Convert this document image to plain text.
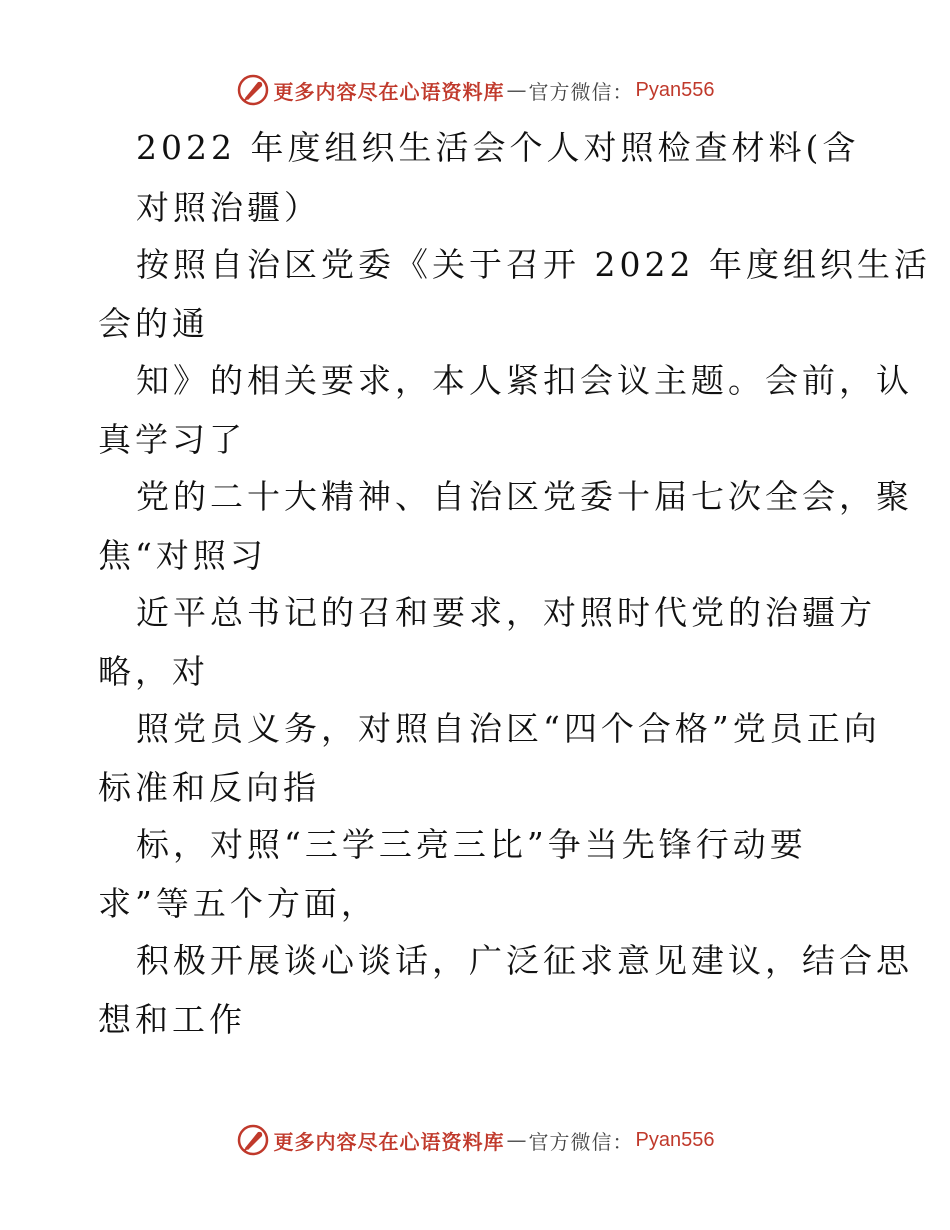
更多内容尽在心语资料库 — 官方微信： Pyan556
2022 年度组织生活会个人对照检查材料(含
对照治疆）
按照自治区党委《关于召开 2022 年度组织生活
会的通
知》的相关要求，本人紧扣会议主题。会前，认
真学习了
党的二十大精神、自治区党委十届七次全会，聚
焦“对照习
近平总书记的召和要求，对照时代党的治疆方
略，对
照党员义务，对照自治区“四个合格”党员正向
标准和反向指
标，对照“三学三亮三比”争当先锋行动要
求”等五个方面，
积极开展谈心谈话，广泛征求意见建议，结合思
想和工作
更多内容尽在心语资料库 — 官方微信： Pyan556
